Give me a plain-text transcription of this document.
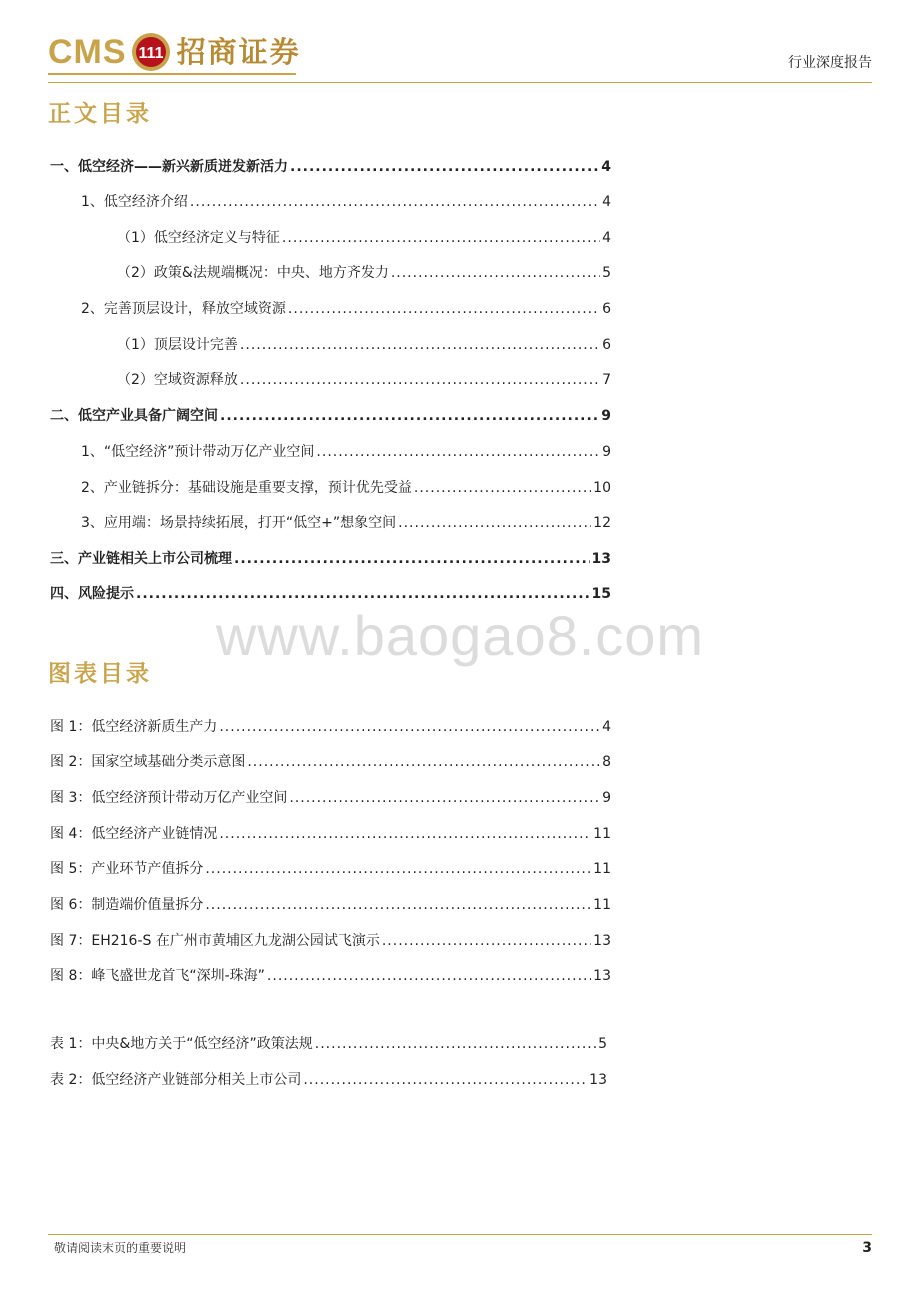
CMS 111 招商证券	行业深度报告
正文目录
一、低空经济——新兴新质迸发新活力 .....	4
1、低空经济介绍 .....	4
（1）低空经济定义与特征 .....	4
（2）政策&法规端概况：中央、地方齐发力 .....	5
2、完善顶层设计，释放空域资源 .....	6
（1）顶层设计完善 .....	6
（2）空域资源释放 .....	7
二、低空产业具备广阔空间 .....	9
1、“低空经济”预计带动万亿产业空间 .....	9
2、产业链拆分：基础设施是重要支撑，预计优先受益 .....	10
3、应用端：场景持续拓展，打开“低空+”想象空间 .....	12
三、产业链相关上市公司梳理 .....	13
四、风险提示 .....	15
www.baogao8.com
图表目录
图 1：低空经济新质生产力 .....	4
图 2：国家空域基础分类示意图 .....	8
图 3：低空经济预计带动万亿产业空间 .....	9
图 4：低空经济产业链情况 .....	11
图 5：产业环节产值拆分 .....	11
图 6：制造端价值量拆分 .....	11
图 7：EH216-S 在广州市黄埔区九龙湖公园试飞演示 .....	13
图 8：峰飞盛世龙首飞“深圳-珠海” .....	13
表 1：中央&地方关于“低空经济”政策法规 .....	5
表 2：低空经济产业链部分相关上市公司 .....	13
敬请阅读末页的重要说明	3
